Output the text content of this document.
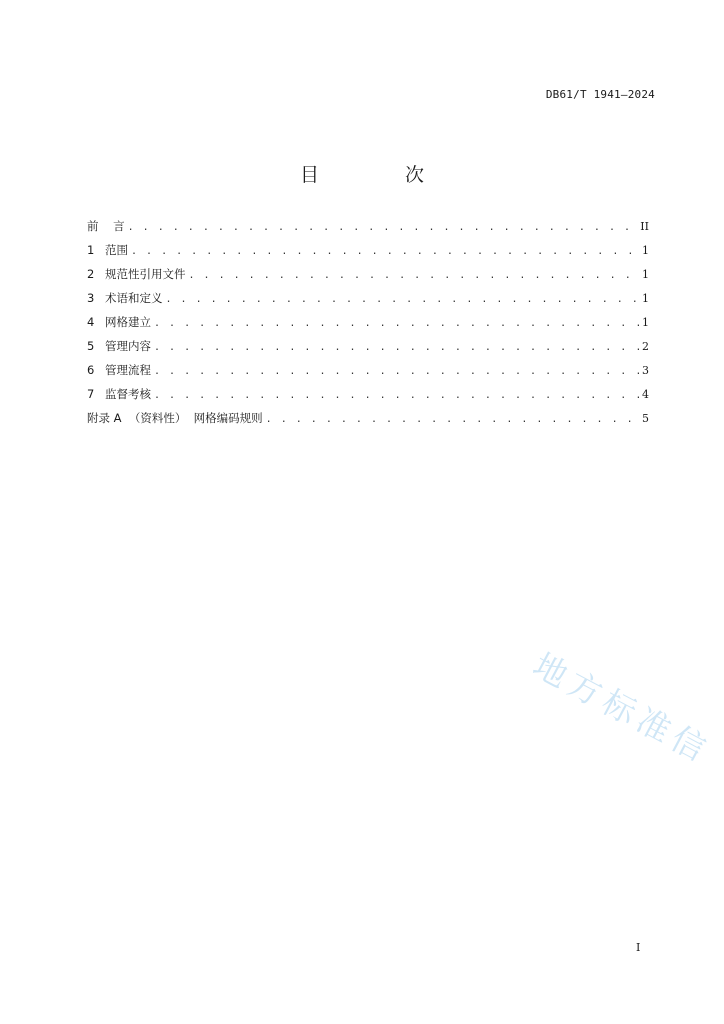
DB61/T 1941—2024
目 次
前    言 . . .	II
1 范围 . . .	1
2 规范性引用文件 . . .	1
3 术语和定义 . . .	1
4 网格建立 . . .	1
5 管理内容 . . .	2
6 管理流程 . . .	3
7 监督考核 . . .	4
附录 A  （资料性）  网格编码规则 . . .	5
地方标准信
I
